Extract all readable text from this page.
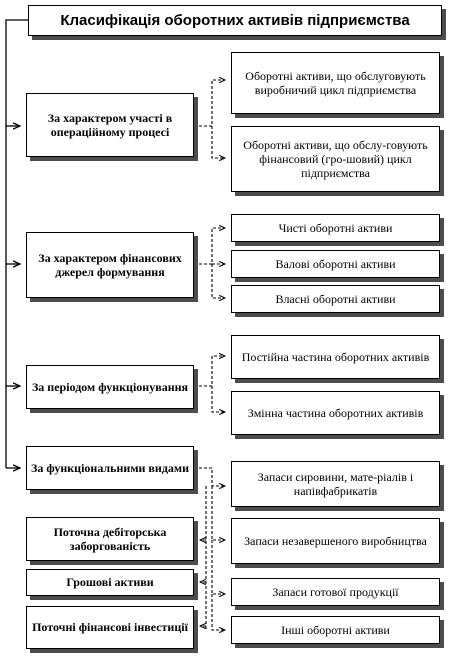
Класифікація оборотних активів підприємства
За характером участі в операційному процесі
Оборотні активи, що обслуговують виробничий цикл підприємства
Оборотні активи, що обслу-говують фінансовий (гро-шовий) цикл підприємства
За характером фінансових джерел формування
Чисті оборотні активи
Валові оборотні активи
Власні оборотні активи
За періодом функціонування
Постійна частина оборотних активів
Змінна частина оборотних активів
За функціональними видами
Запаси сировини, мате-ріалів і напівфабрикатів
Запаси незавершеного виробництва
Запаси готової продукції
Інші оборотні активи
Поточна дебіторська заборгованість
Грошові активи
Поточні фінансові інвестиції
